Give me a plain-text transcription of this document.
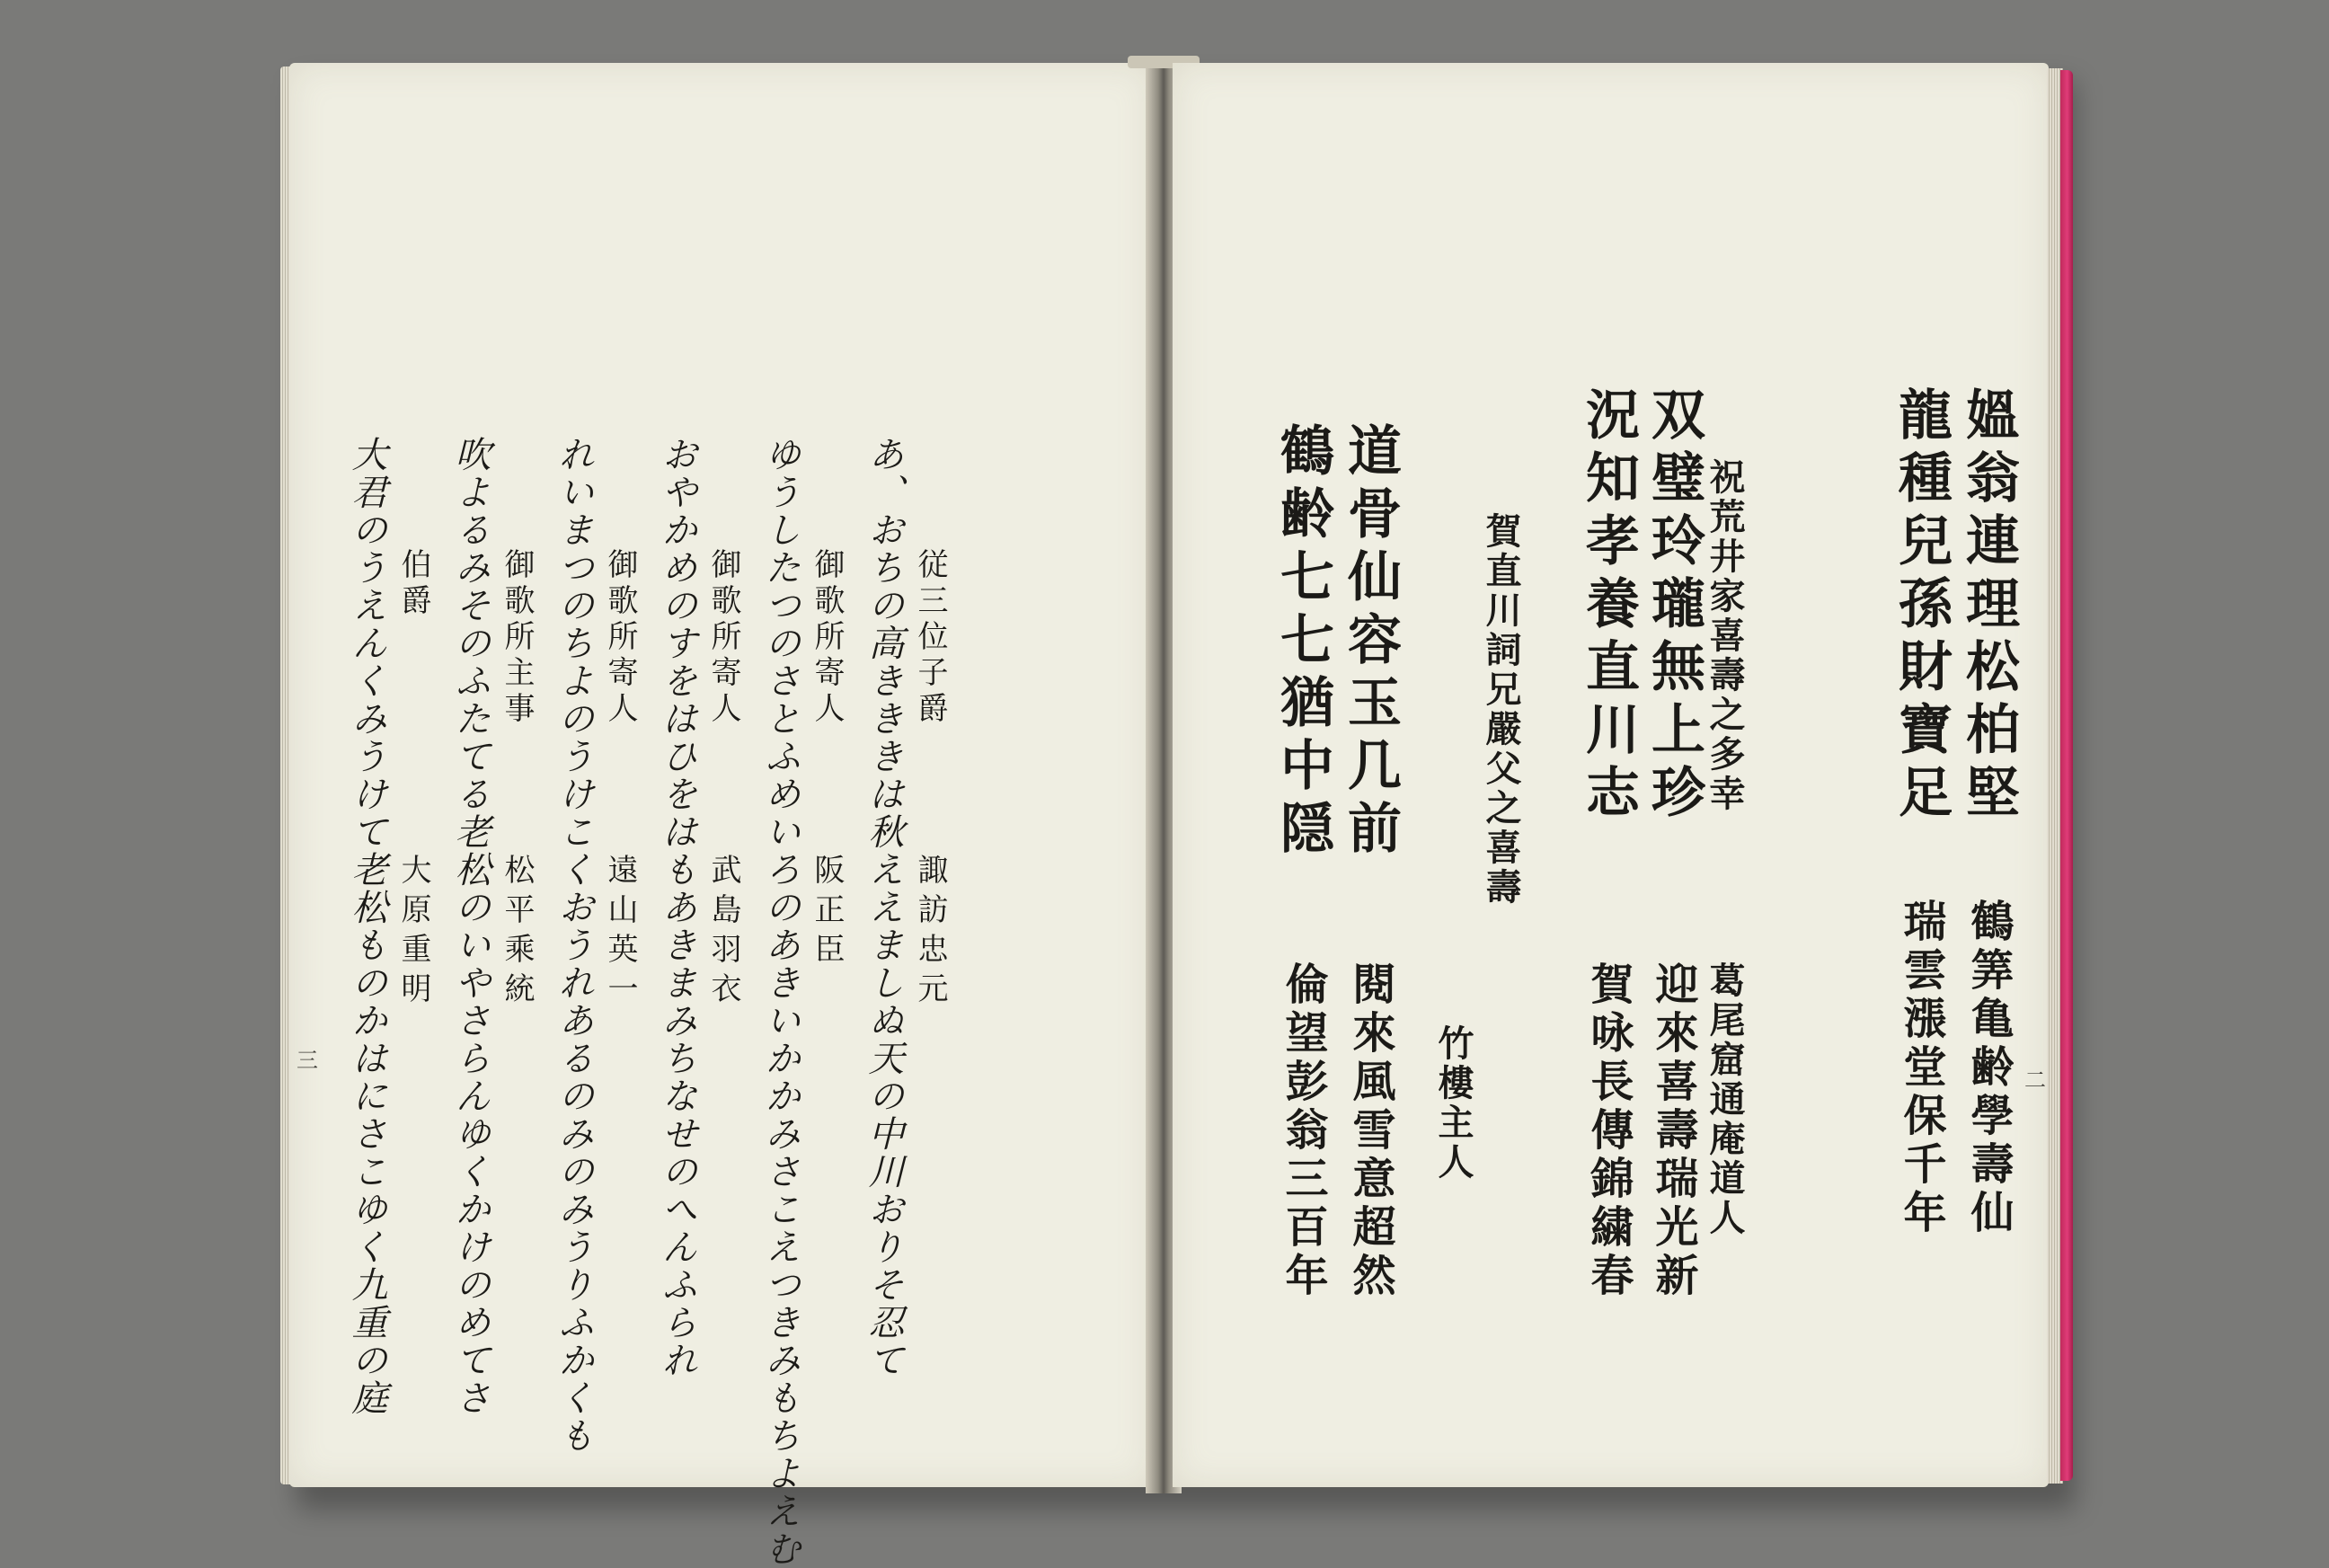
従三位子爵
諏訪忠元
あ、おちの高きききは秋ええましぬ天の中川おりそ忍て
御歌所寄人
阪正臣
ゆうしたつのさとふめいろのあきいかかみさこえつきみもちよえむ
御歌所寄人
武島羽衣
おやかめのすをはひをはもあきまみちなせのへんふられ
御歌所寄人
遠山英一
れいまつのちよのうけこくおうれあるのみのみうりふかくも
御歌所主事
松平乘統
吹よるみそのふたてる老松のいやさらんゆくかけのめてさ
伯爵
大原重明
大君のうえんくみうけて老松ものかはにさこゆく九重の庭
三
媼翁連理松柏堅
龍種兒孫財寶足
鶴筭亀齢學壽仙
瑞雲漲堂保千年
祝荒井家喜壽之多幸
葛尾窟通庵道人
双璧玲瓏無上珍
況知孝養直川志
迎來喜壽瑞光新
賀咏長傳錦繍春
賀直川詞兄嚴父之喜壽
竹樓主人
道骨仙容玉几前
鶴齢七七猶中隠
閱來風雪意超然
倫望彭翁三百年	二
